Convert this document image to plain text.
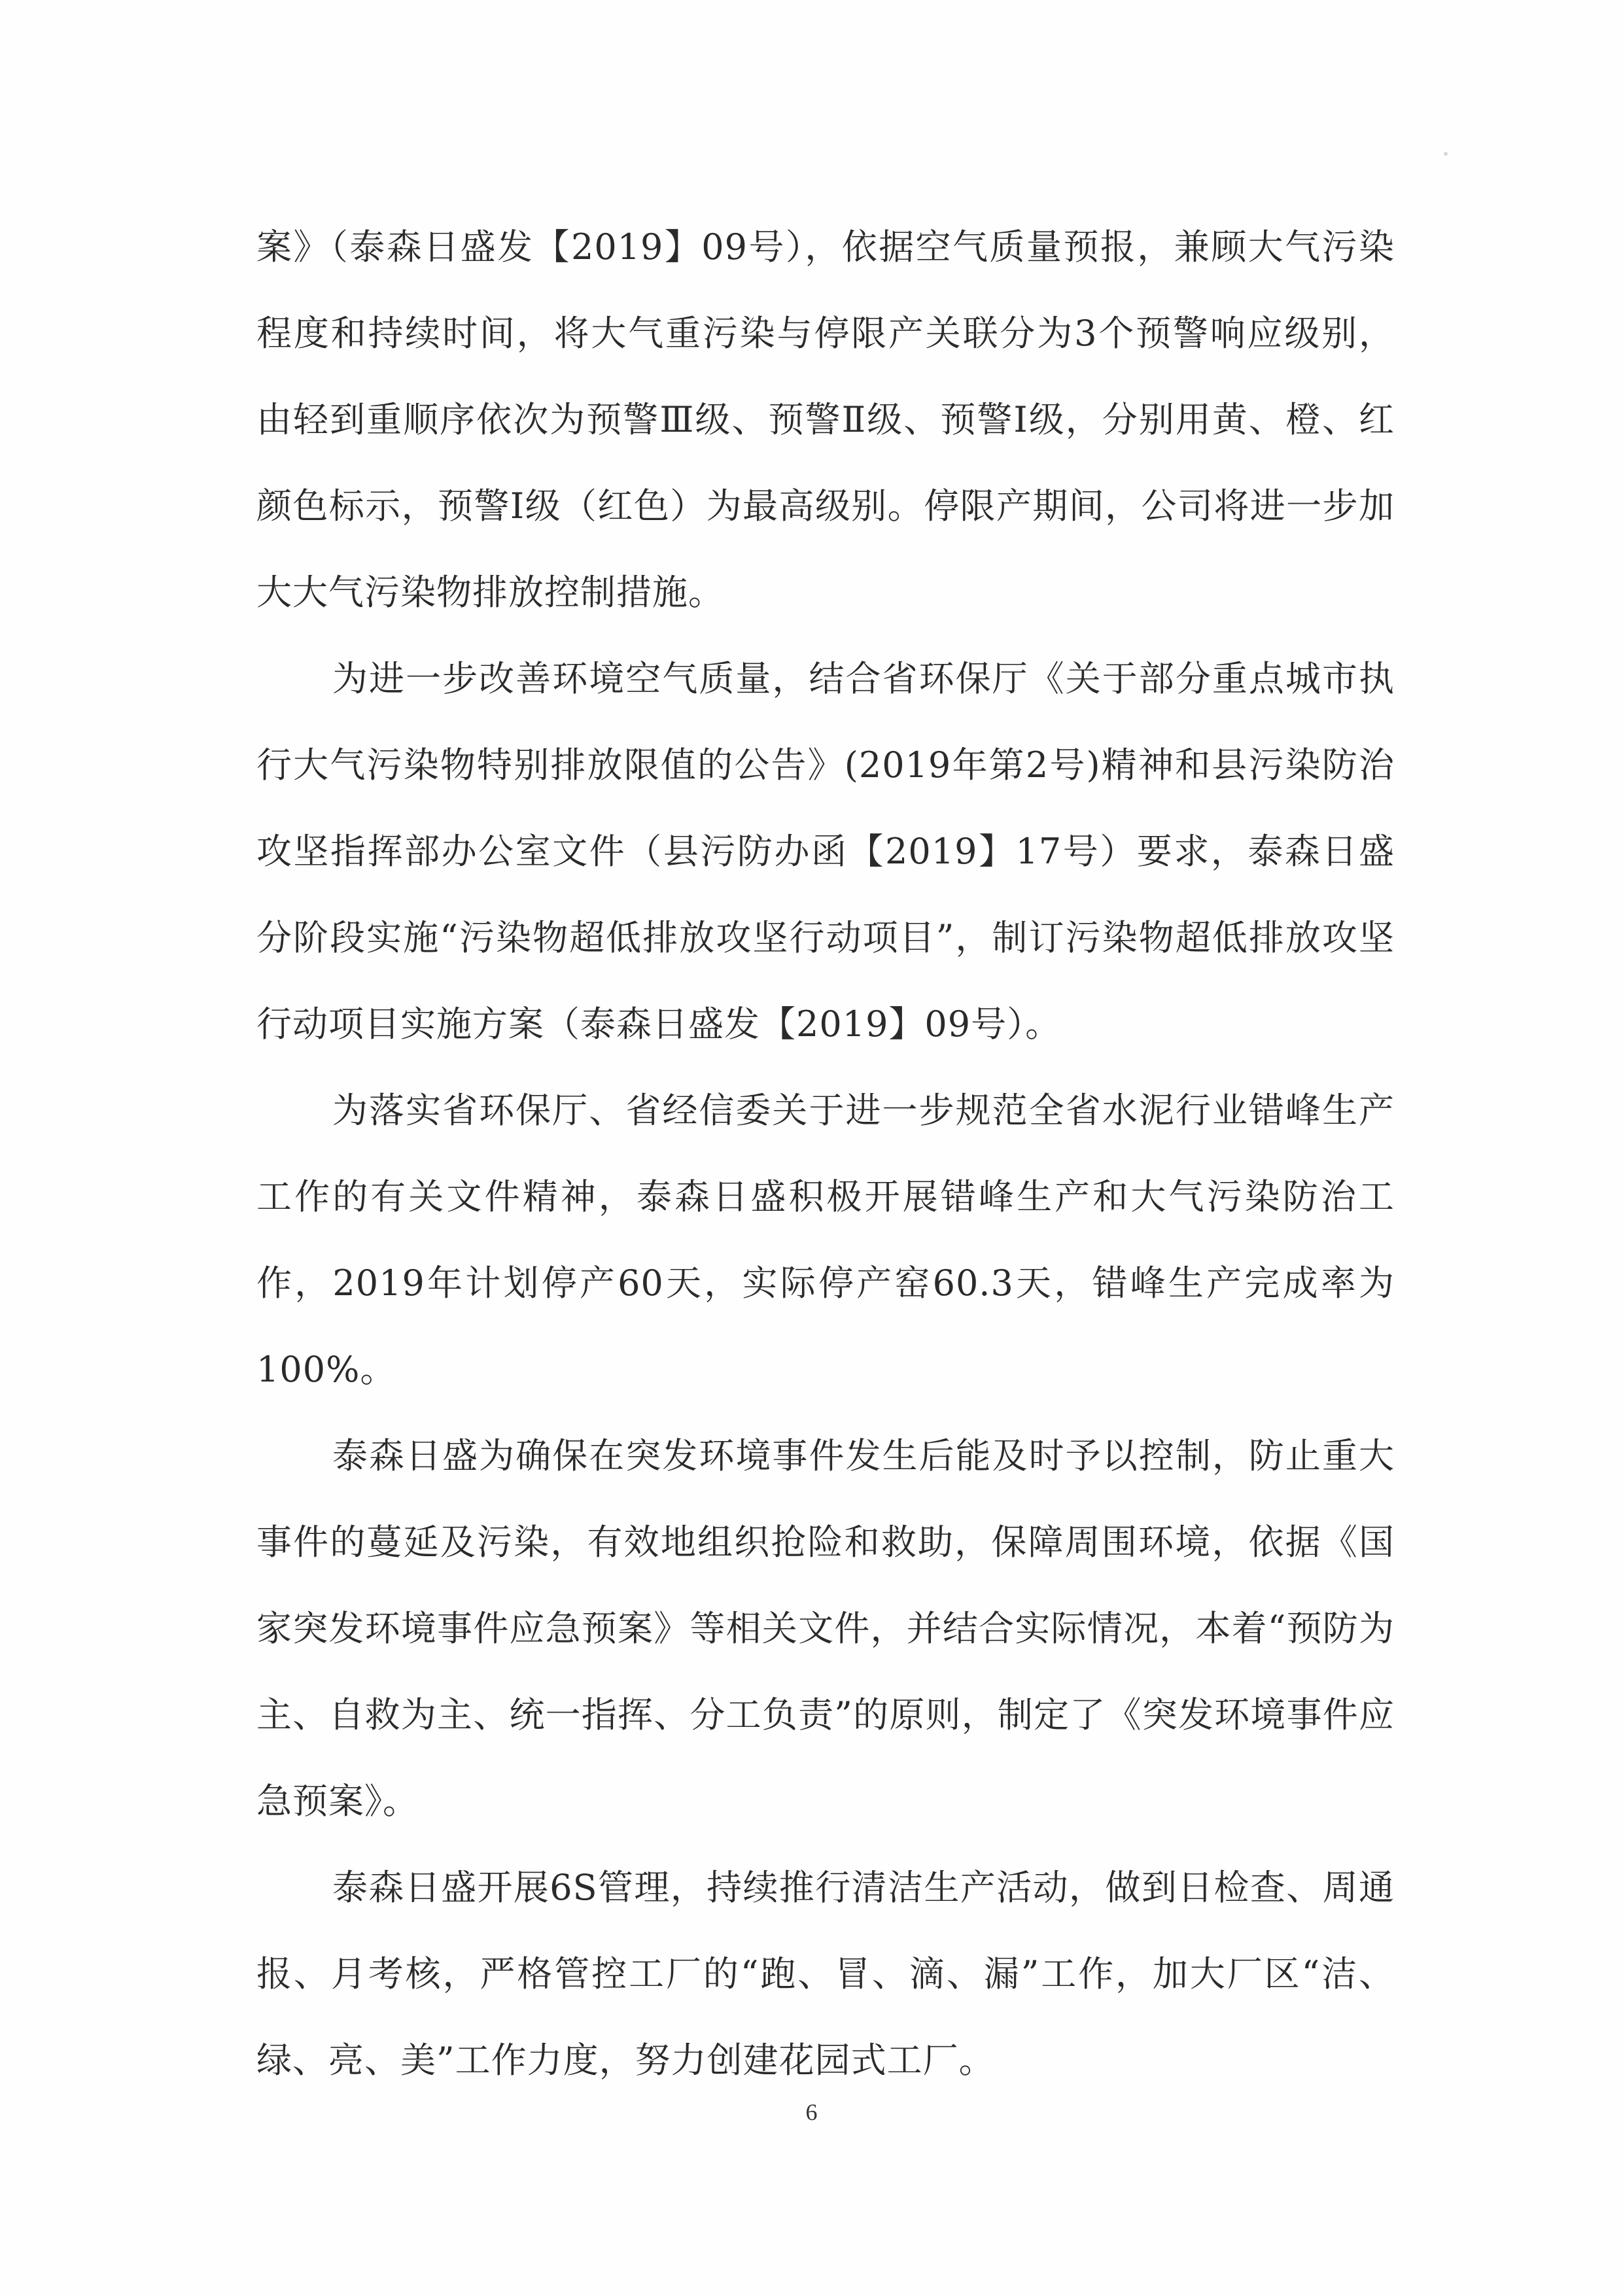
案》（泰森日盛发【2019】09号），依据空气质量预报，兼顾大气污染程度和持续时间，将大气重污染与停限产关联分为3个预警响应级别，由轻到重顺序依次为预警Ⅲ级、预警Ⅱ级、预警Ⅰ级，分别用黄、橙、红颜色标示，预警Ⅰ级（红色）为最高级别。停限产期间，公司将进一步加大大气污染物排放控制措施。

为进一步改善环境空气质量，结合省环保厅《关于部分重点城市执行大气污染物特别排放限值的公告》(2019年第2号)精神和县污染防治攻坚指挥部办公室文件（县污防办函【2019】17号）要求，泰森日盛分阶段实施“污染物超低排放攻坚行动项目”，制订污染物超低排放攻坚行动项目实施方案（泰森日盛发【2019】09号）。

为落实省环保厅、省经信委关于进一步规范全省水泥行业错峰生产工作的有关文件精神，泰森日盛积极开展错峰生产和大气污染防治工作，2019年计划停产60天，实际停产窑60.3天，错峰生产完成率为100%。

泰森日盛为确保在突发环境事件发生后能及时予以控制，防止重大事件的蔓延及污染，有效地组织抢险和救助，保障周围环境，依据《国家突发环境事件应急预案》等相关文件，并结合实际情况，本着“预防为主、自救为主、统一指挥、分工负责”的原则，制定了《突发环境事件应急预案》。

泰森日盛开展6S管理，持续推行清洁生产活动，做到日检查、周通报、月考核，严格管控工厂的“跑、冒、滴、漏”工作，加大厂区“洁、绿、亮、美”工作力度，努力创建花园式工厂。

6
